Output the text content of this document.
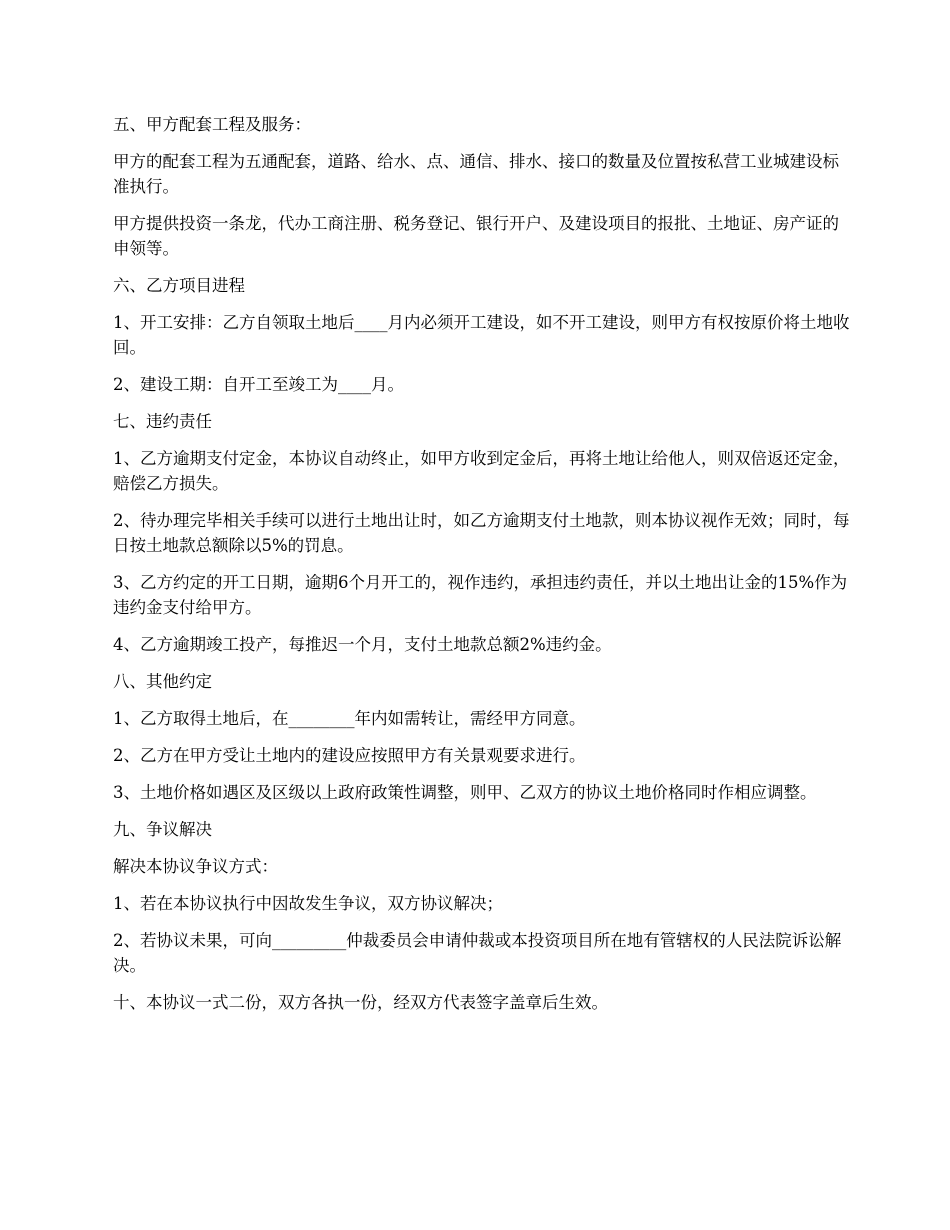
五、甲方配套工程及服务：

甲方的配套工程为五通配套，道路、给水、点、通信、排水、接口的数量及位置按私营工业城建设标准执行。

甲方提供投资一条龙，代办工商注册、税务登记、银行开户、及建设项目的报批、土地证、房产证的申领等。

六、乙方项目进程

1、开工安排：乙方自领取土地后____月内必须开工建设，如不开工建设，则甲方有权按原价将土地收回。

2、建设工期：自开工至竣工为____月。

七、违约责任

1、乙方逾期支付定金，本协议自动终止，如甲方收到定金后，再将土地让给他人，则双倍返还定金，赔偿乙方损失。

2、待办理完毕相关手续可以进行土地出让时，如乙方逾期支付土地款，则本协议视作无效；同时，每日按土地款总额除以5%的罚息。

3、乙方约定的开工日期，逾期6个月开工的，视作违约，承担违约责任，并以土地出让金的15%作为违约金支付给甲方。

4、乙方逾期竣工投产，每推迟一个月，支付土地款总额2%违约金。

八、其他约定

1、乙方取得土地后，在________年内如需转让，需经甲方同意。

2、乙方在甲方受让土地内的建设应按照甲方有关景观要求进行。

3、土地价格如遇区及区级以上政府政策性调整，则甲、乙双方的协议土地价格同时作相应调整。

九、争议解决

解决本协议争议方式：

1、若在本协议执行中因故发生争议，双方协议解决；

2、若协议未果，可向_________仲裁委员会申请仲裁或本投资项目所在地有管辖权的人民法院诉讼解决。

十、本协议一式二份，双方各执一份，经双方代表签字盖章后生效。
